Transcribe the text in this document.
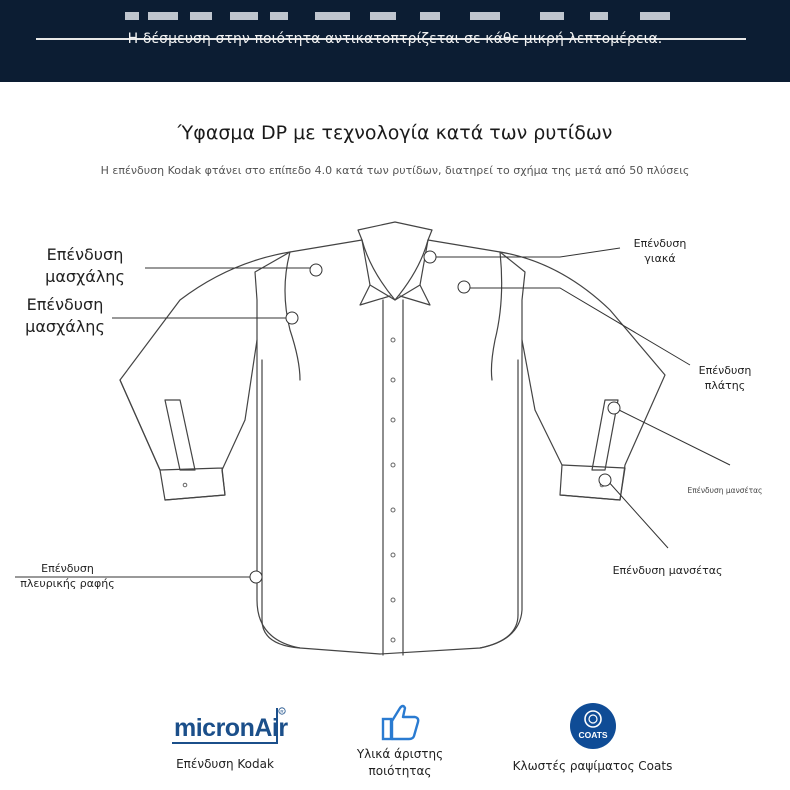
Η δέσμευση στην ποιότητα αντικατοπτρίζεται σε κάθε μικρή λεπτομέρεια.
Ύφασμα DP με τεχνολογία κατά των ρυτίδων
Η επένδυση Kodak φτάνει στο επίπεδο 4.0 κατά των ρυτίδων, διατηρεί το σχήμα της μετά από 50 πλύσεις
Επένδυση
μασχάλης
Επένδυση
μασχάλης
Επένδυση
γιακά
Επένδυση
πλάτης
Επένδυση μανσέτας
Επένδυση μανσέτας
Επένδυση
πλευρικής ραφής
micronAir
R
Επένδυση Kodak
Υλικά άριστης
ποιότητας
COATS
Κλωστές ραψίματος Coats
